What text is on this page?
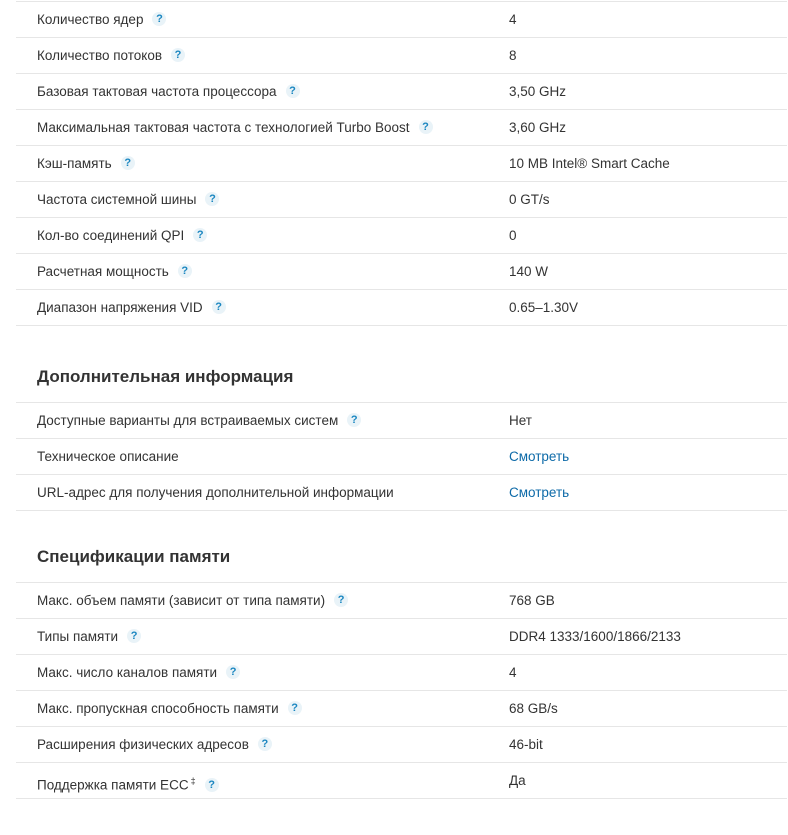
Количество ядер ?	4
Количество потоков ?	8
Базовая тактовая частота процессора ?	3,50 GHz
Максимальная тактовая частота с технологией Turbo Boost ?	3,60 GHz
Кэш-память ?	10 MB Intel® Smart Cache
Частота системной шины ?	0 GT/s
Кол-во соединений QPI ?	0
Расчетная мощность ?	140 W
Диапазон напряжения VID ?	0.65–1.30V
Дополнительная информация
Доступные варианты для встраиваемых систем ?	Нет
Техническое описание	Смотреть
URL-адрес для получения дополнительной информации	Смотреть
Спецификации памяти
Макс. объем памяти (зависит от типа памяти) ?	768 GB
Типы памяти ?	DDR4 1333/1600/1866/2133
Макс. число каналов памяти ?	4
Макс. пропускная способность памяти ?	68 GB/s
Расширения физических адресов ?	46-bit
Поддержка памяти ECC ‡ ?	Да
